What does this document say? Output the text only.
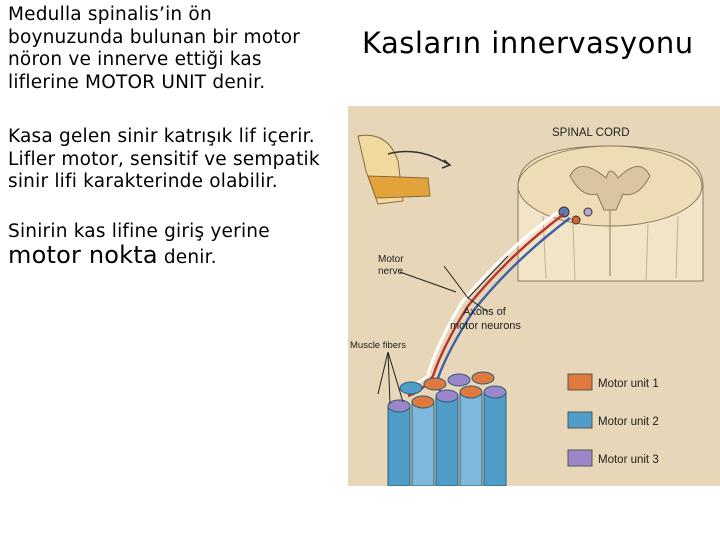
Medulla spinalis’in ön
boynuzunda bulunan bir motor
nöron ve innerve ettiği kas
liflerine MOTOR UNIT denir.
Kasa gelen sinir katrışık lif içerir.
Lifler motor, sensitif ve sempatik
sinir lifi karakterinde olabilir.
Sinirin kas lifine giriş yerine
motor nokta denir.
Kasların innervasyonu
SPINAL CORD
Motor
nerve
Axons of
motor neurons
Muscle fibers
Motor unit 1
Motor unit 2
Motor unit 3
